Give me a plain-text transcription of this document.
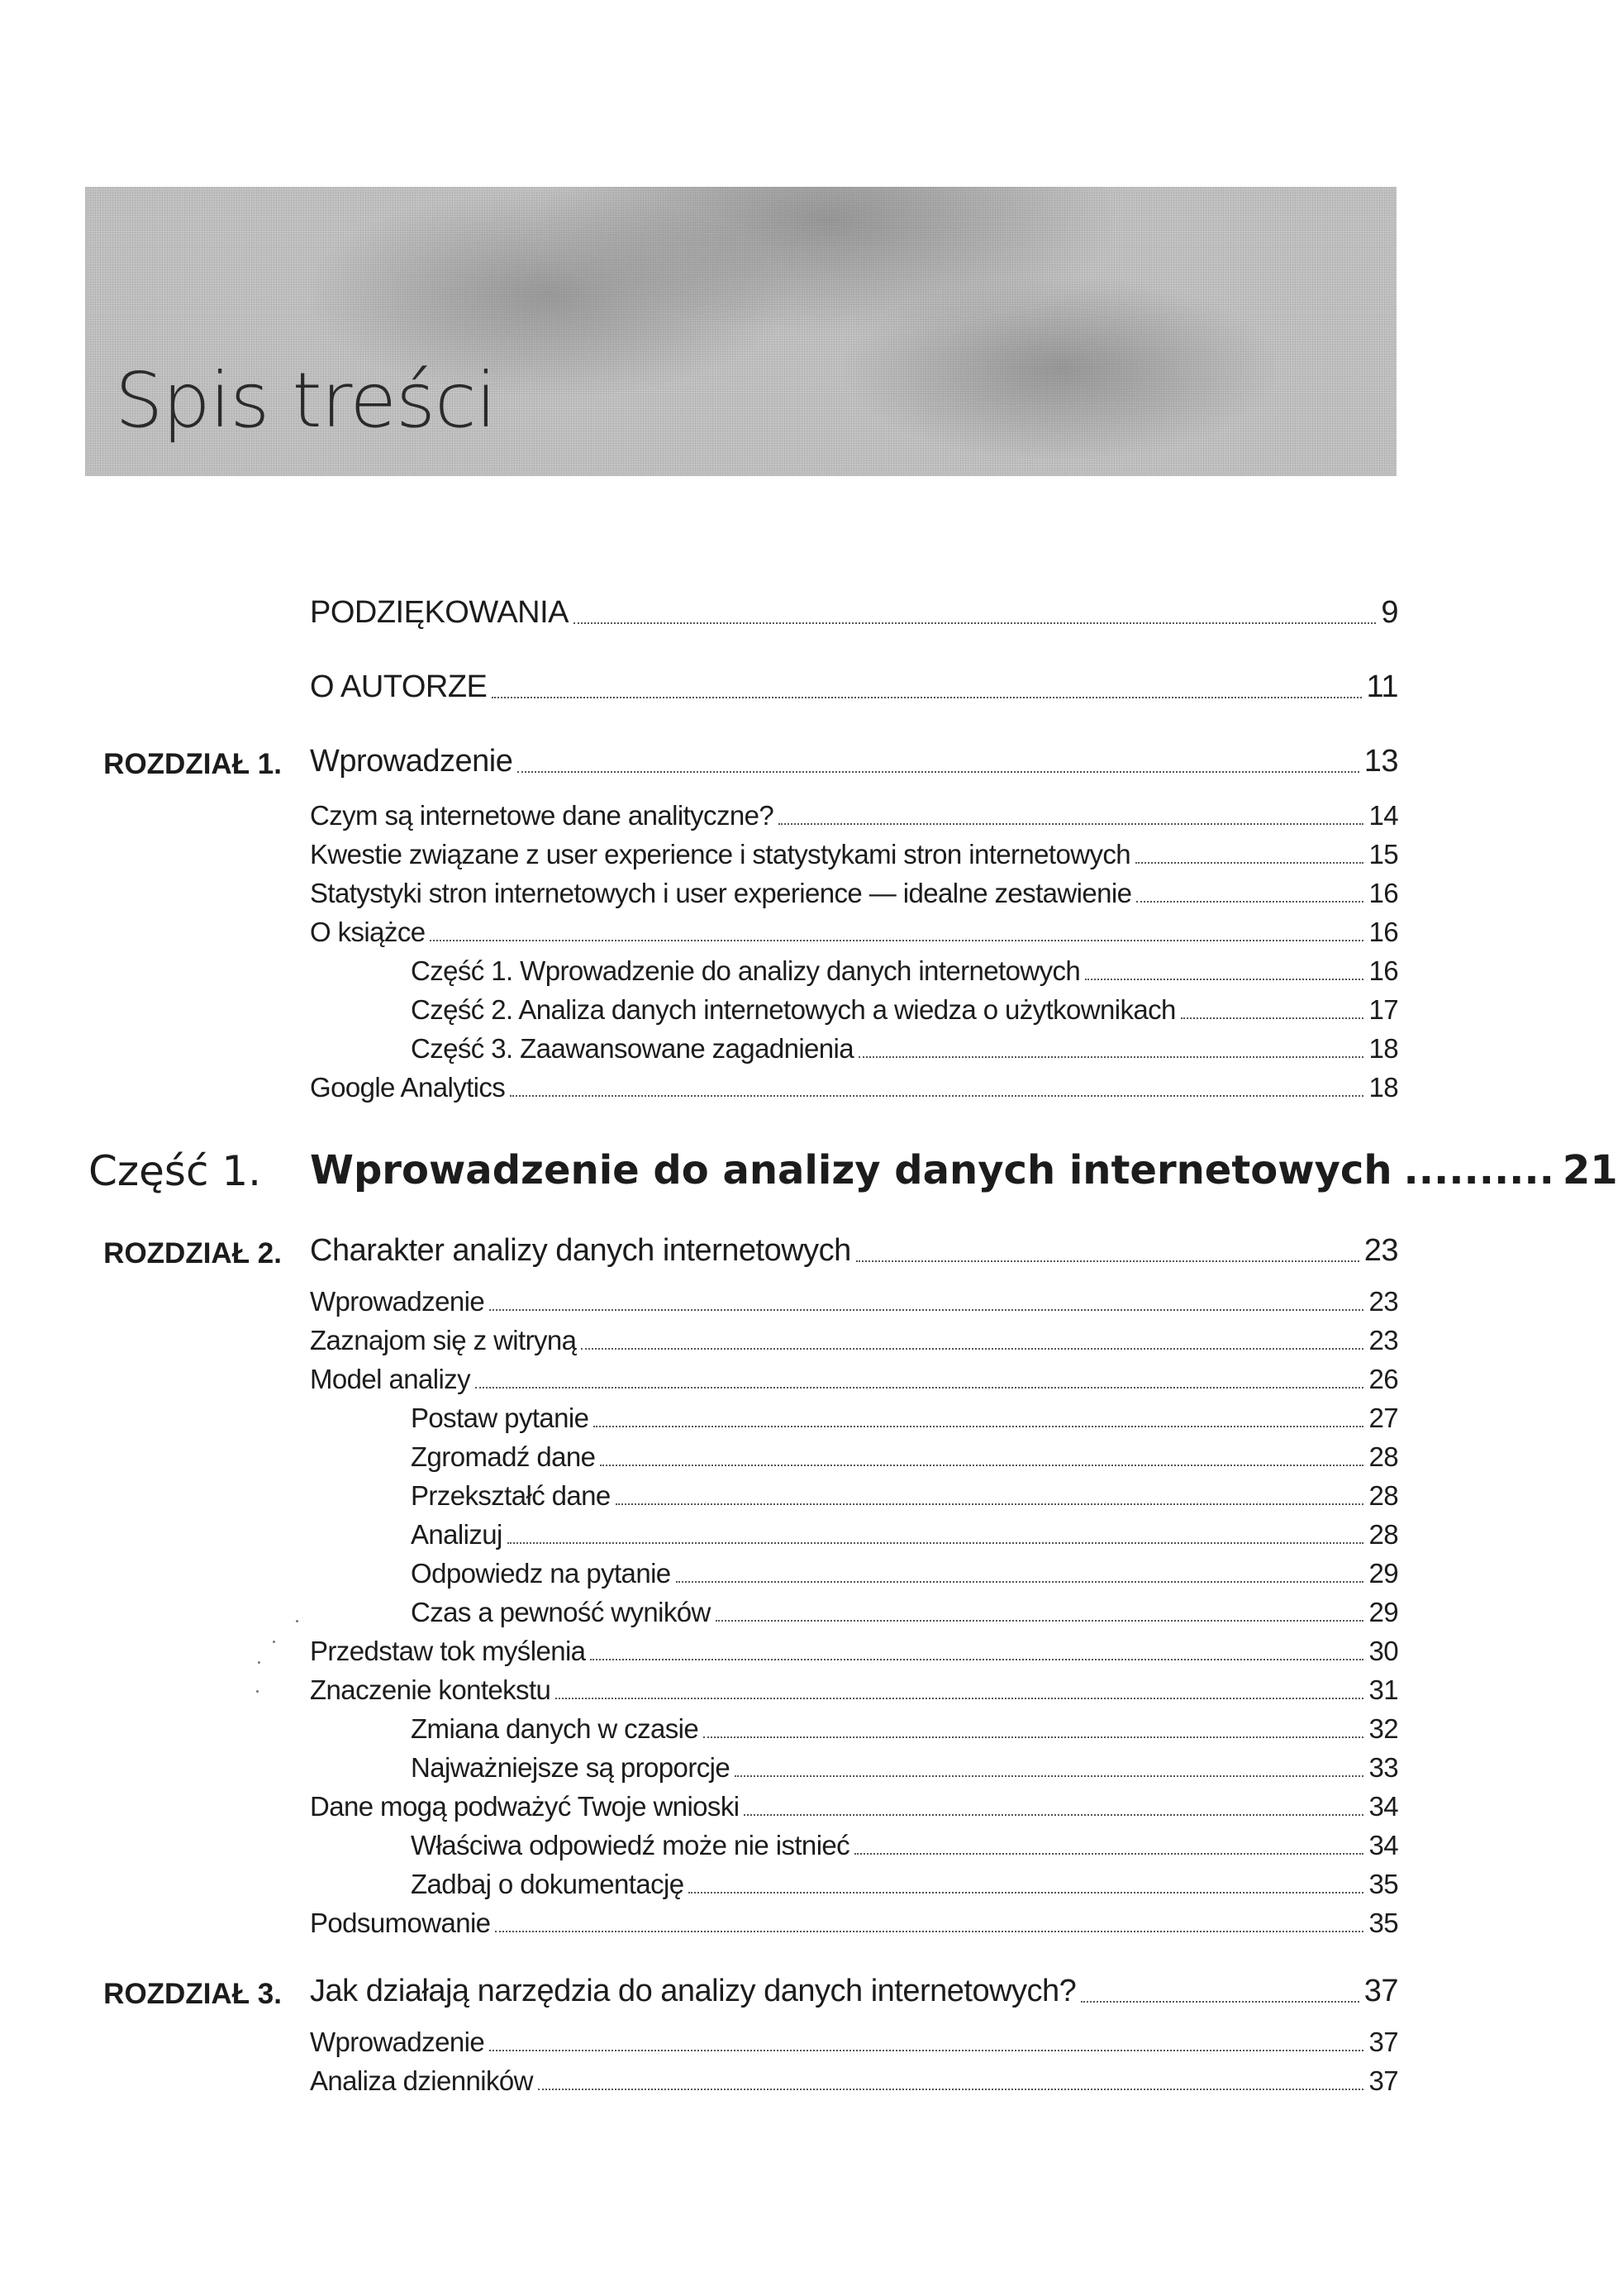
Spis treści
PODZIĘKOWANIA	9
O AUTORZE	11
ROZDZIAŁ 1. Wprowadzenie	13
Czym są internetowe dane analityczne?	14
Kwestie związane z user experience i statystykami stron internetowych	15
Statystyki stron internetowych i user experience — idealne zestawienie	16
O książce	16
Część 1. Wprowadzenie do analizy danych internetowych	16
Część 2. Analiza danych internetowych a wiedza o użytkownikach	17
Część 3. Zaawansowane zagadnienia	18
Google Analytics	18
Część 1. Wprowadzenie do analizy danych internetowych .......... 21
ROZDZIAŁ 2. Charakter analizy danych internetowych	23
Wprowadzenie	23
Zaznajom się z witryną	23
Model analizy	26
Postaw pytanie	27
Zgromadź dane	28
Przekształć dane	28
Analizuj	28
Odpowiedz na pytanie	29
Czas a pewność wyników	29
Przedstaw tok myślenia	30
Znaczenie kontekstu	31
Zmiana danych w czasie	32
Najważniejsze są proporcje	33
Dane mogą podważyć Twoje wnioski	34
Właściwa odpowiedź może nie istnieć	34
Zadbaj o dokumentację	35
Podsumowanie	35
ROZDZIAŁ 3. Jak działają narzędzia do analizy danych internetowych?	37
Wprowadzenie	37
Analiza dzienników	37
